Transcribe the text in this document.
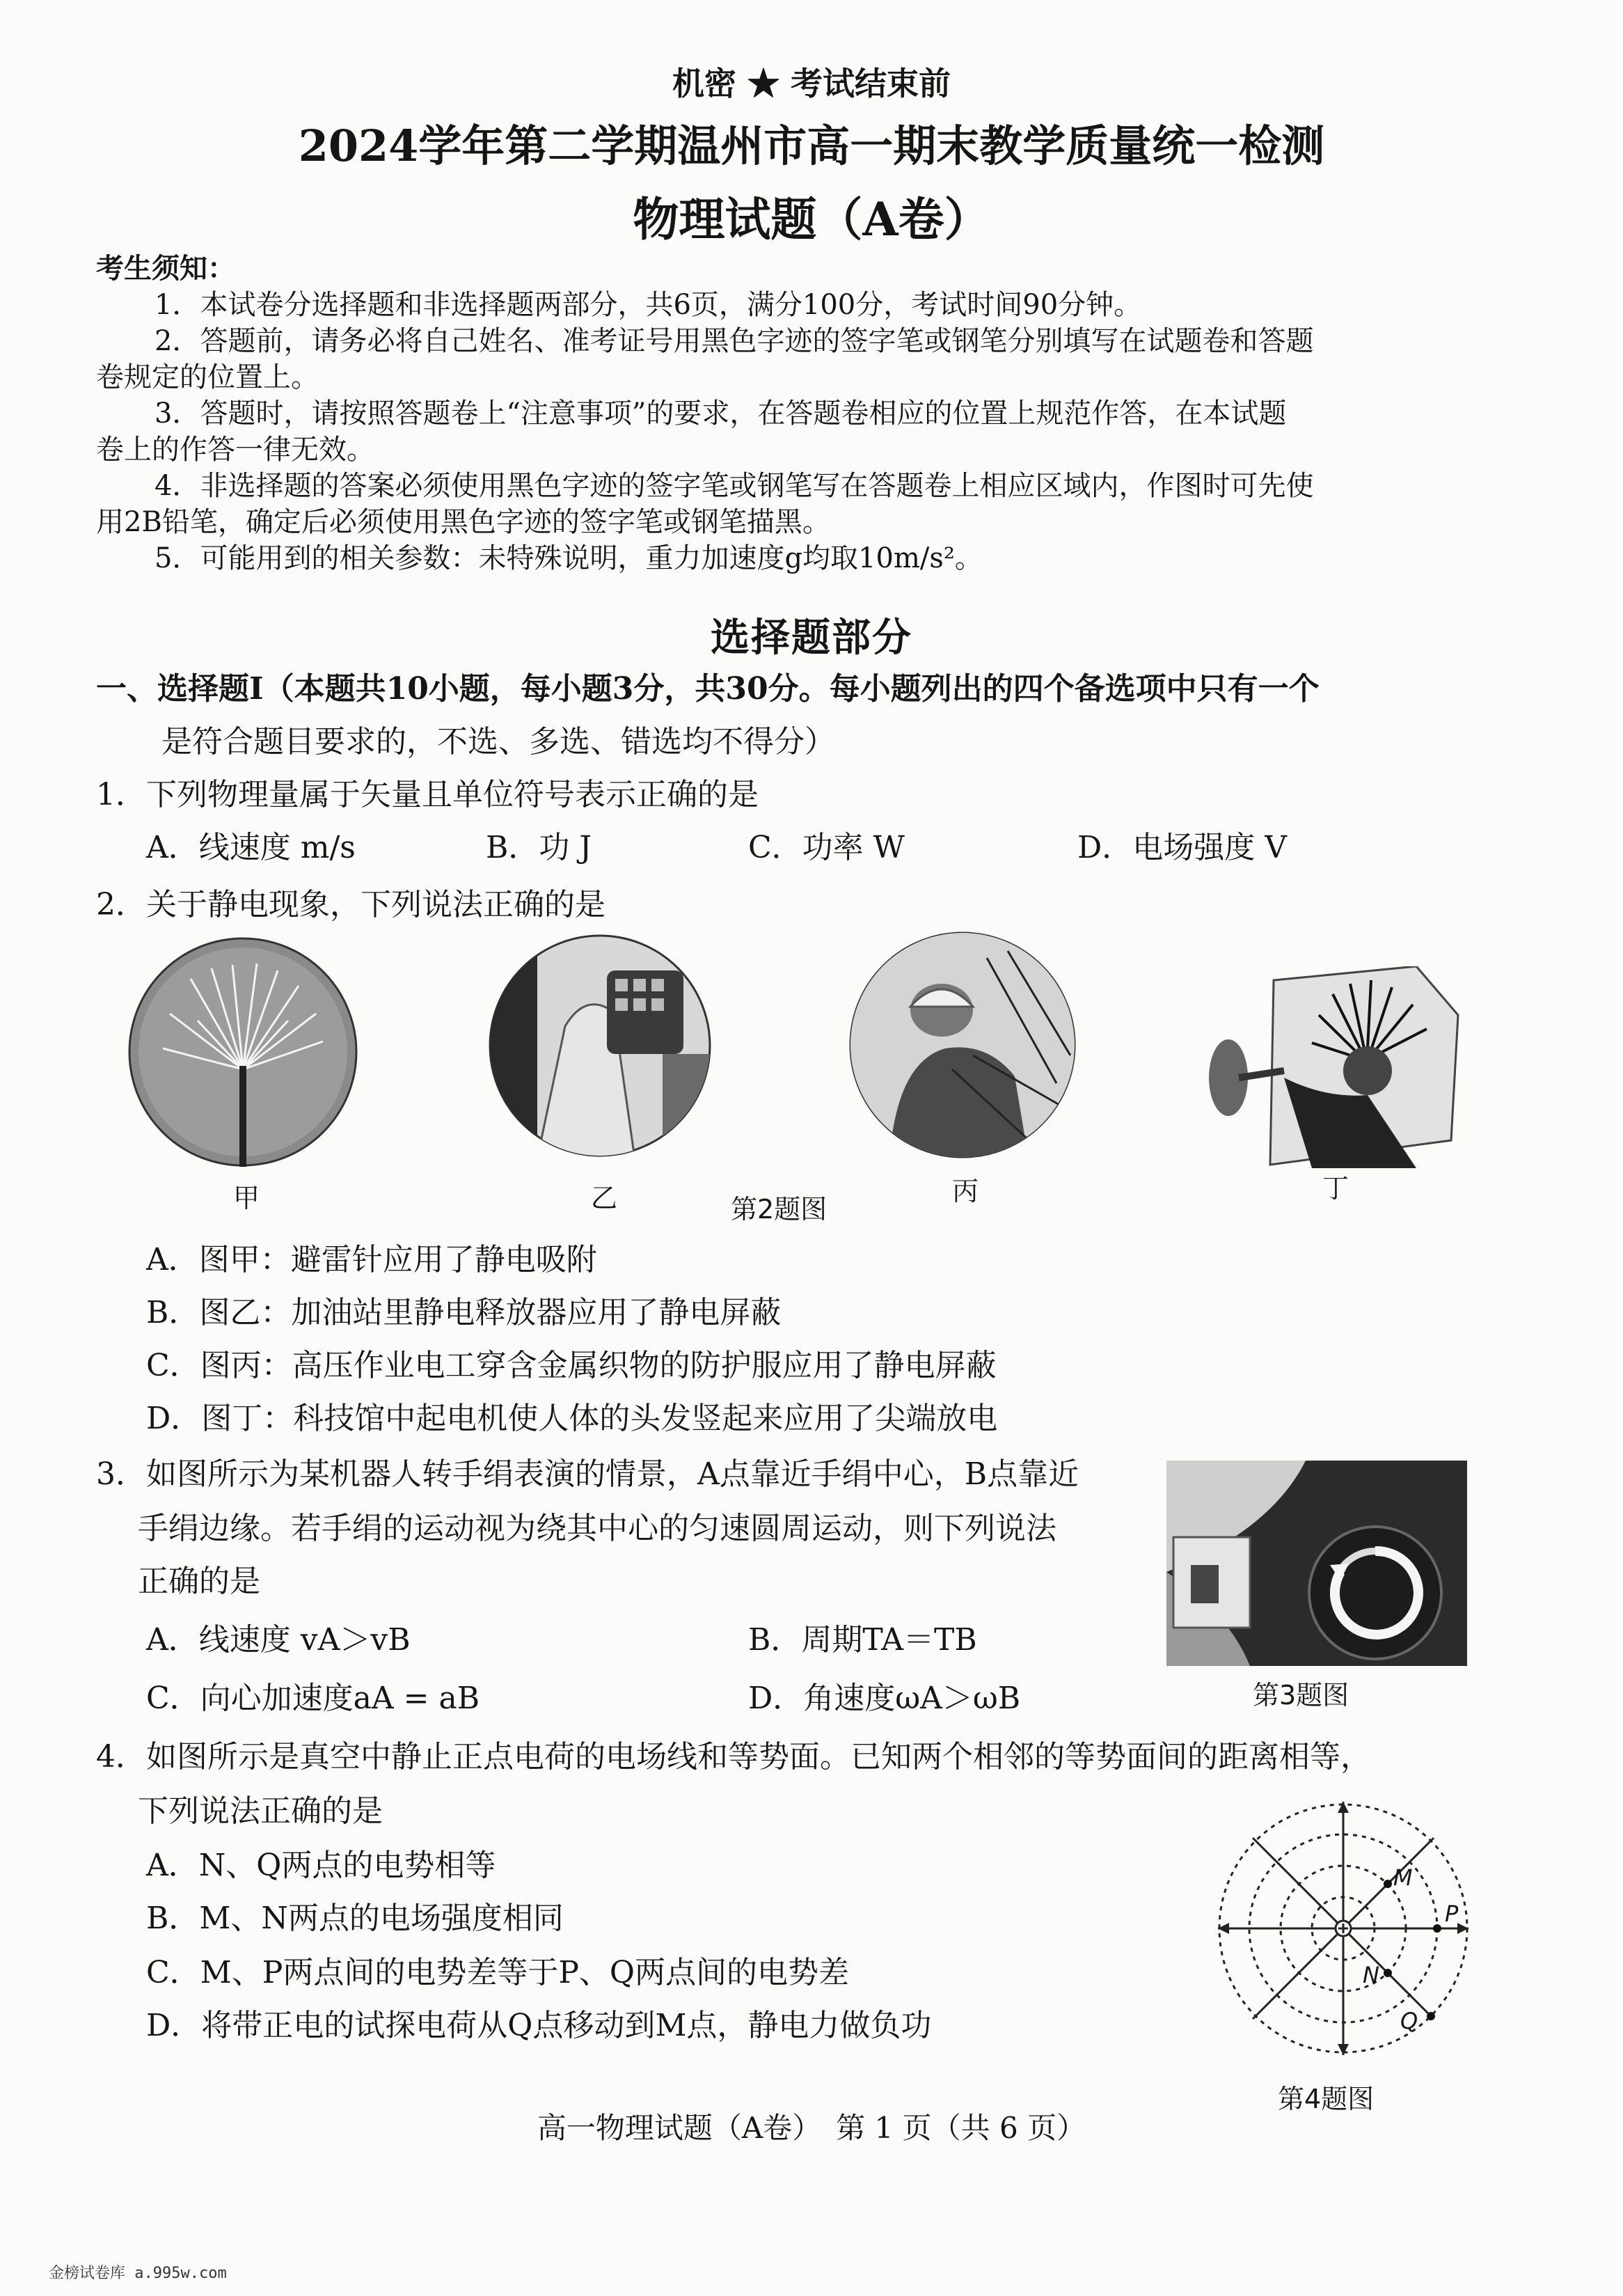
机密 ★ 考试结束前
2024学年第二学期温州市高一期末教学质量统一检测
物理试题（A卷）
考生须知：
1．本试卷分选择题和非选择题两部分，共6页，满分100分，考试时间90分钟。
2．答题前，请务必将自己姓名、准考证号用黑色字迹的签字笔或钢笔分别填写在试题卷和答题
卷规定的位置上。
3．答题时，请按照答题卷上“注意事项”的要求，在答题卷相应的位置上规范作答，在本试题
卷上的作答一律无效。
4．非选择题的答案必须使用黑色字迹的签字笔或钢笔写在答题卷上相应区域内，作图时可先使
用2B铅笔，确定后必须使用黑色字迹的签字笔或钢笔描黑。
5．可能用到的相关参数：未特殊说明，重力加速度g均取10m/s²。
选择题部分
一、选择题Ⅰ（本题共10小题，每小题3分，共30分。每小题列出的四个备选项中只有一个
是符合题目要求的，不选、多选、错选均不得分）
1．下列物理量属于矢量且单位符号表示正确的是
A．线速度 m/s	B．功 J	C．功率 W	D．电场强度 V
2．关于静电现象，下列说法正确的是
甲	乙	丙	丁
第2题图
A．图甲：避雷针应用了静电吸附
B．图乙：加油站里静电释放器应用了静电屏蔽
C．图丙：高压作业电工穿含金属织物的防护服应用了静电屏蔽
D．图丁：科技馆中起电机使人体的头发竖起来应用了尖端放电
3．如图所示为某机器人转手绢表演的情景，A点靠近手绢中心，B点靠近
手绢边缘。若手绢的运动视为绕其中心的匀速圆周运动，则下列说法
正确的是
A．线速度 vA＞vB	B．周期TA＝TB
C．向心加速度aA = aB	D．角速度ωA＞ωB	第3题图
4．如图所示是真空中静止正点电荷的电场线和等势面。已知两个相邻的等势面间的距离相等，
下列说法正确的是
A．N、Q两点的电势相等
B．M、N两点的电场强度相同
C．M、P两点间的电势差等于P、Q两点间的电势差
D．将带正电的试探电荷从Q点移动到M点，静电力做负功
M
P
N
Q
第4题图
高一物理试题（A卷）　第 1 页（共 6 页）
金榜试卷库 a.995w.com
